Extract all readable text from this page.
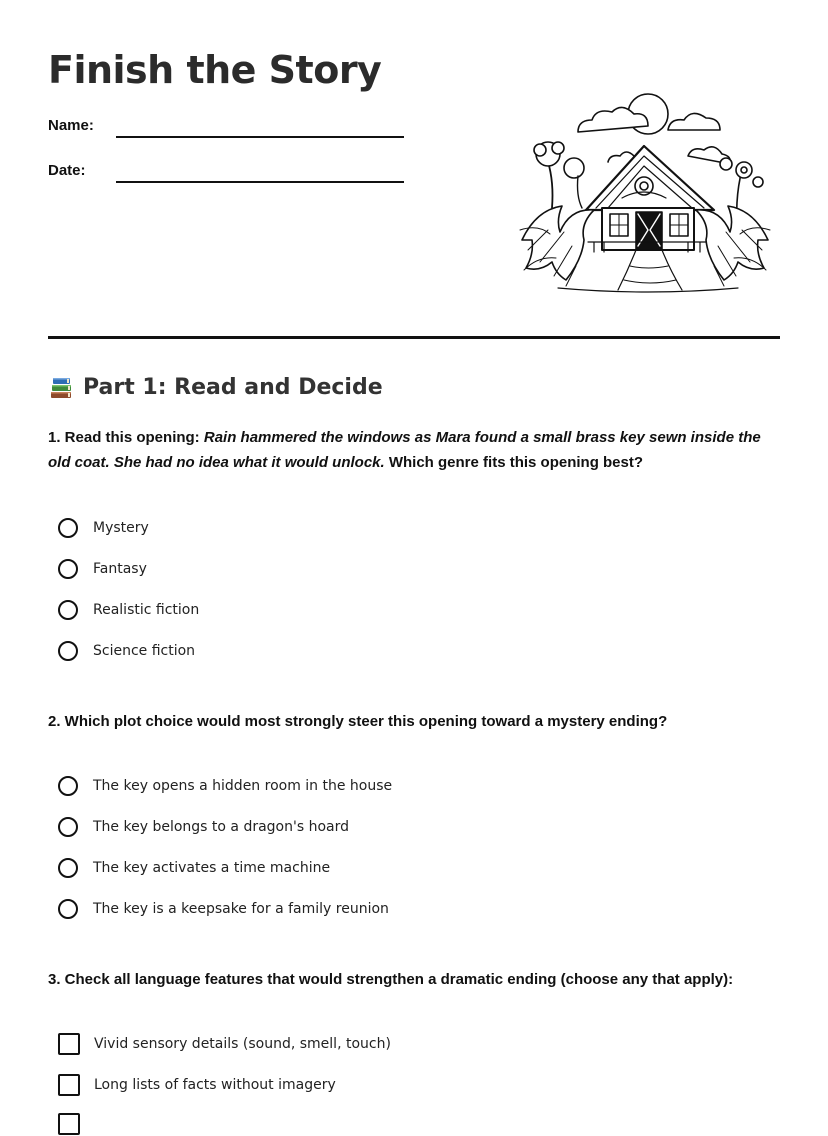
Finish the Story
Name:
Date:
Part 1: Read and Decide

1. Read this opening: Rain hammered the windows as Mara found a small brass key sewn inside the old coat. She had no idea what it would unlock. Which genre fits this opening best?

Mystery
Fantasy
Realistic fiction
Science fiction

2. Which plot choice would most strongly steer this opening toward a mystery ending?

The key opens a hidden room in the house
The key belongs to a dragon's hoard
The key activates a time machine
The key is a keepsake for a family reunion

3. Check all language features that would strengthen a dramatic ending (choose any that apply):

Vivid sensory details (sound, smell, touch)
Long lists of facts without imagery
